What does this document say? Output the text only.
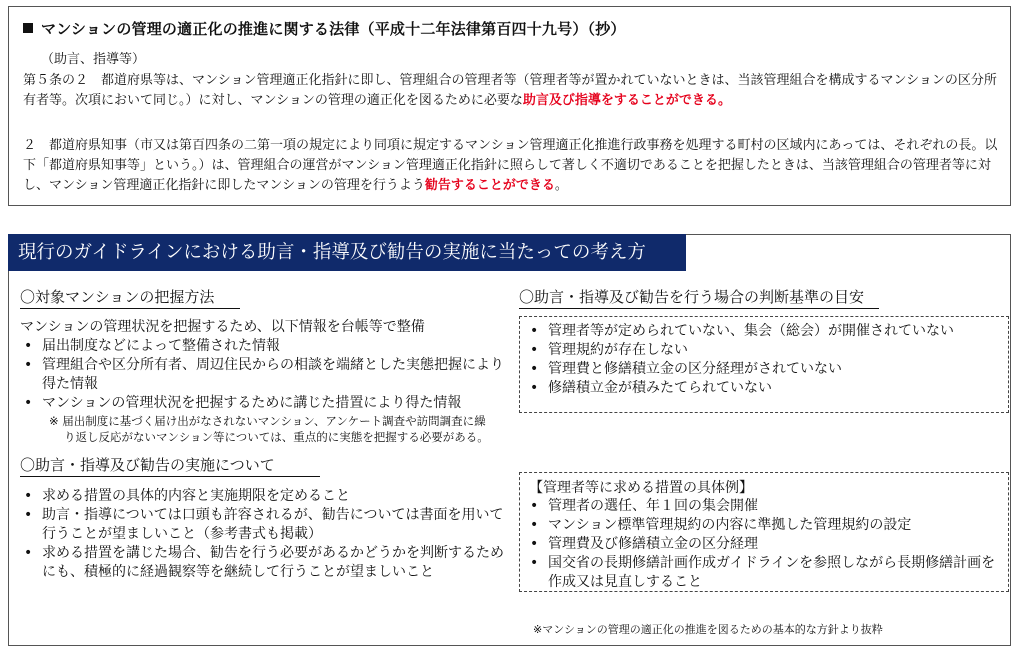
マンションの管理の適正化の推進に関する法律（平成十二年法律第百四十九号）（抄）
（助言、指導等）
第５条の２　 都道府県等は、マンション管理適正化指針に即し、管理組合の管理者等（管理者等が置かれていないときは、当該管理組合を構成するマンションの区分所有者等。次項において同じ。）に対し、マンションの管理の適正化を図るために必要な助言及び指導をすることができる。
２　 都道府県知事（市又は第百四条の二第一項の規定により同項に規定するマンション管理適正化推進行政事務を処理する町村の区域内にあっては、それぞれの長。以下「都道府県知事等」という。）は、管理組合の運営がマンション管理適正化指針に照らして著しく不適切であることを把握したときは、当該管理組合の管理者等に対し、マンション管理適正化指針に即したマンションの管理を行うよう勧告することができる。
現行のガイドラインにおける助言・指導及び勧告の実施に当たっての考え方
〇対象マンションの把握方法
マンションの管理状況を把握するため、以下情報を台帳等で整備
• 届出制度などによって整備された情報
• 管理組合や区分所有者、周辺住民からの相談を端緒とした実態把握により得た情報
• マンションの管理状況を把握するために講じた措置により得た情報
※ 届出制度に基づく届け出がなされないマンション、アンケート調査や訪問調査に繰り返し反応がないマンション等については、重点的に実態を把握する必要がある。
〇助言・指導及び勧告の実施について
• 求める措置の具体的内容と実施期限を定めること
• 助言・指導については口頭も許容されるが、勧告については書面を用いて行うことが望ましいこと（参考書式も掲載）
• 求める措置を講じた場合、勧告を行う必要があるかどうかを判断するためにも、積極的に経過観察等を継続して行うことが望ましいこと
〇助言・指導及び勧告を行う場合の判断基準の目安
• 管理者等が定められていない、集会（総会）が開催されていない
• 管理規約が存在しない
• 管理費と修繕積立金の区分経理がされていない
• 修繕積立金が積みたてられていない
【管理者等に求める措置の具体例】
• 管理者の選任、年１回の集会開催
• マンション標準管理規約の内容に準拠した管理規約の設定
• 管理費及び修繕積立金の区分経理
• 国交省の長期修繕計画作成ガイドラインを参照しながら長期修繕計画を作成又は見直しすること
※マンションの管理の適正化の推進を図るための基本的な方針より抜粋
